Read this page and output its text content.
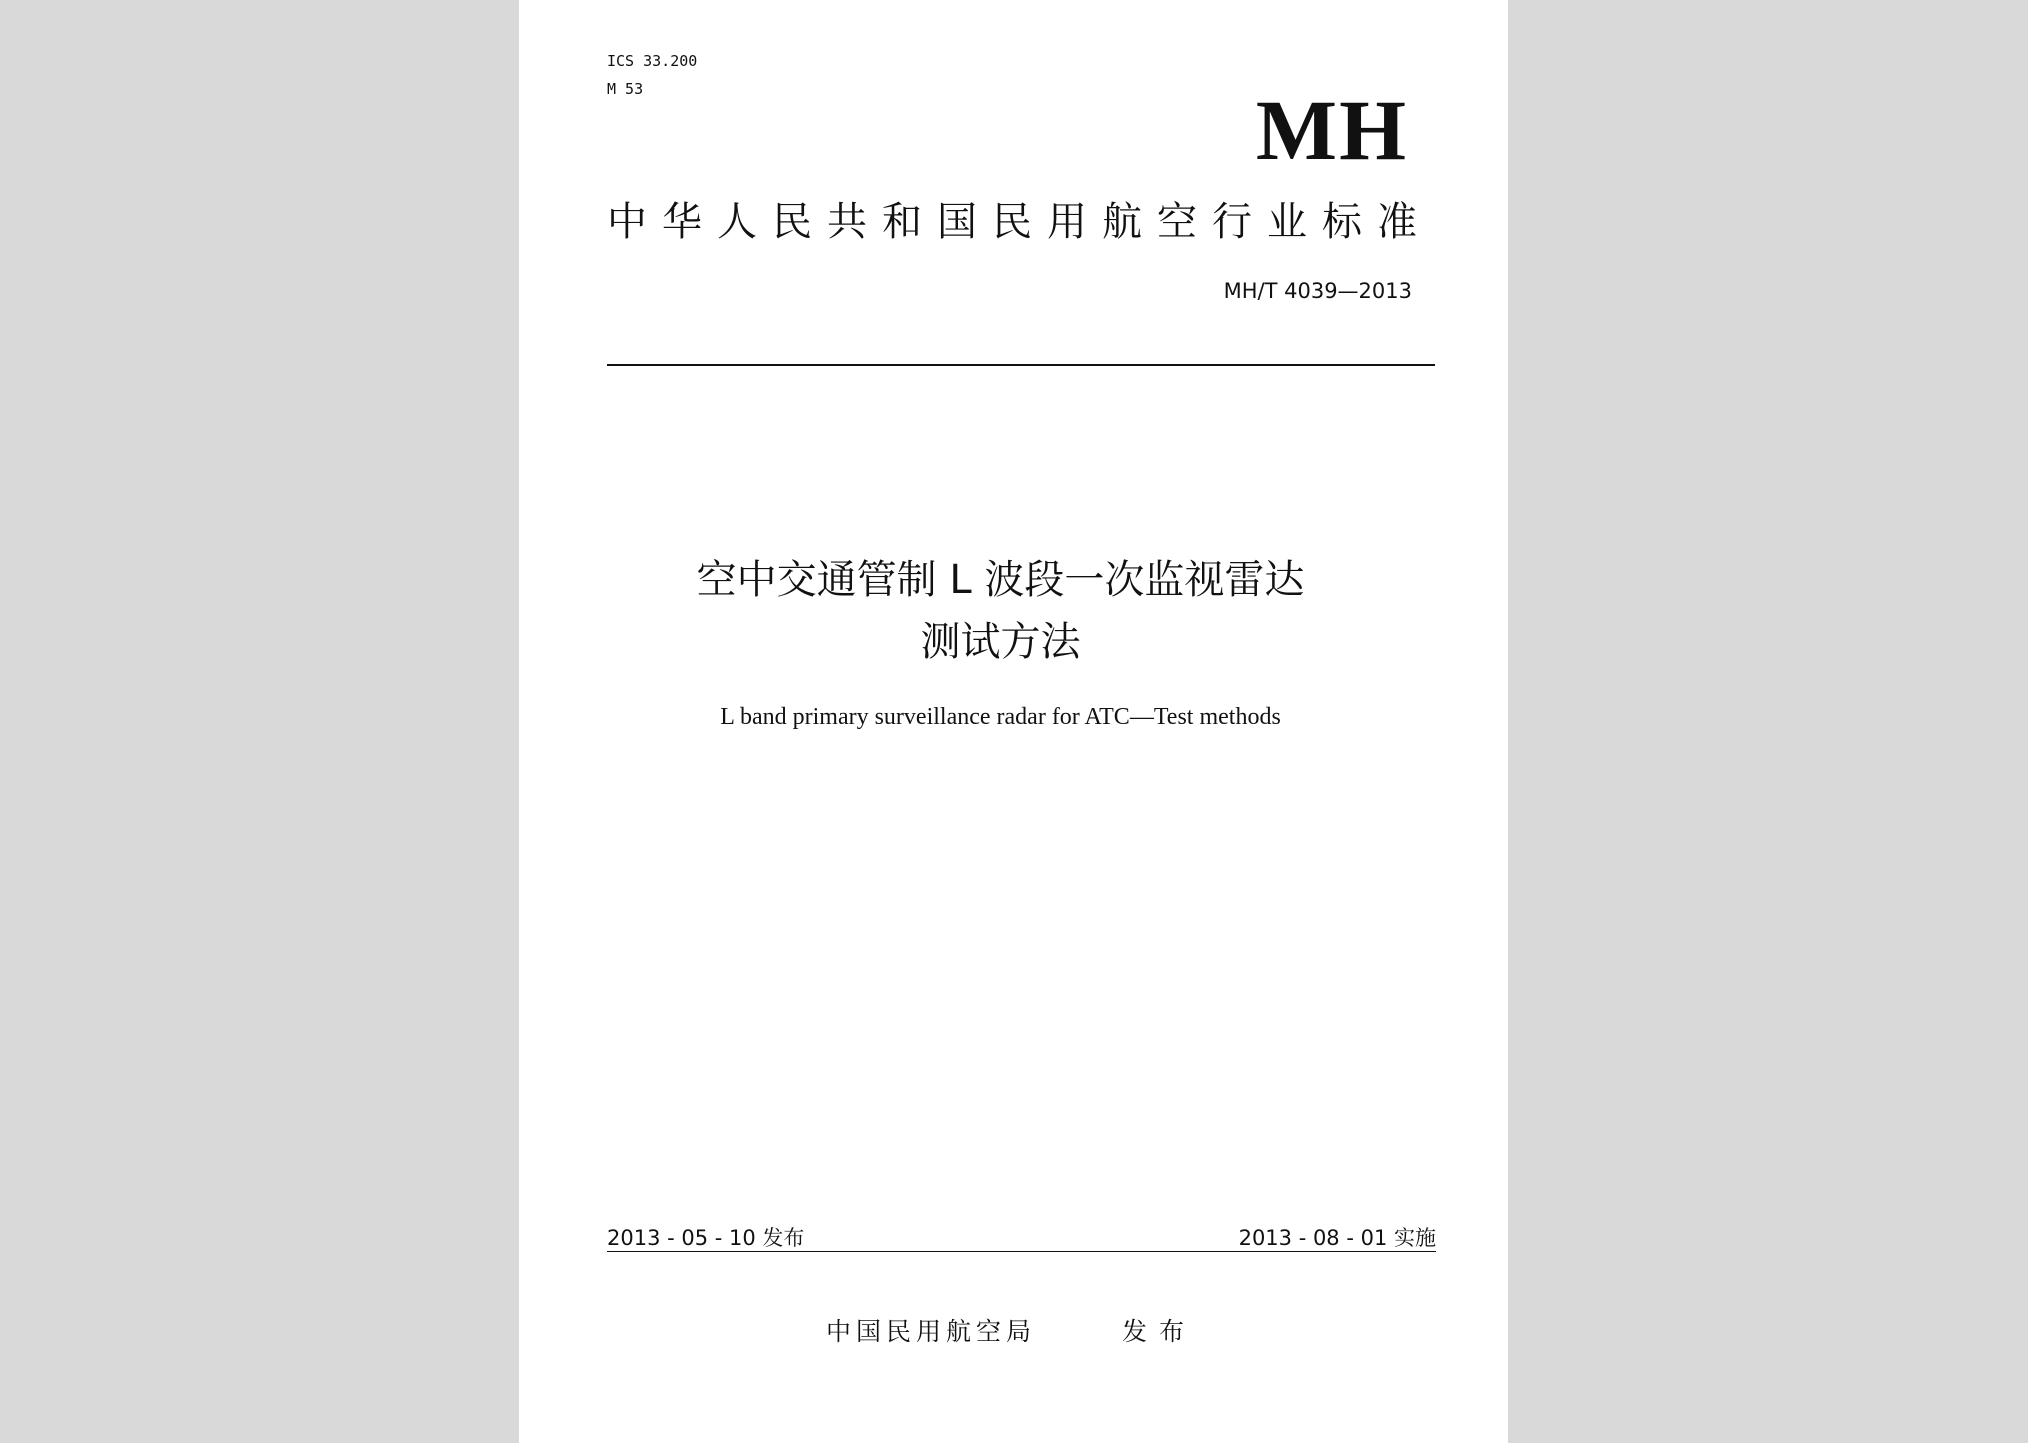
ICS 33.200
M 53	MH
中华人民共和国民用航空行业标准
MH/T 4039—2013
空中交通管制 L 波段一次监视雷达
测试方法
L band primary surveillance radar for ATC—Test methods
2013 - 05 - 10 发布	2013 - 08 - 01 实施
中国民用航空局	发布
